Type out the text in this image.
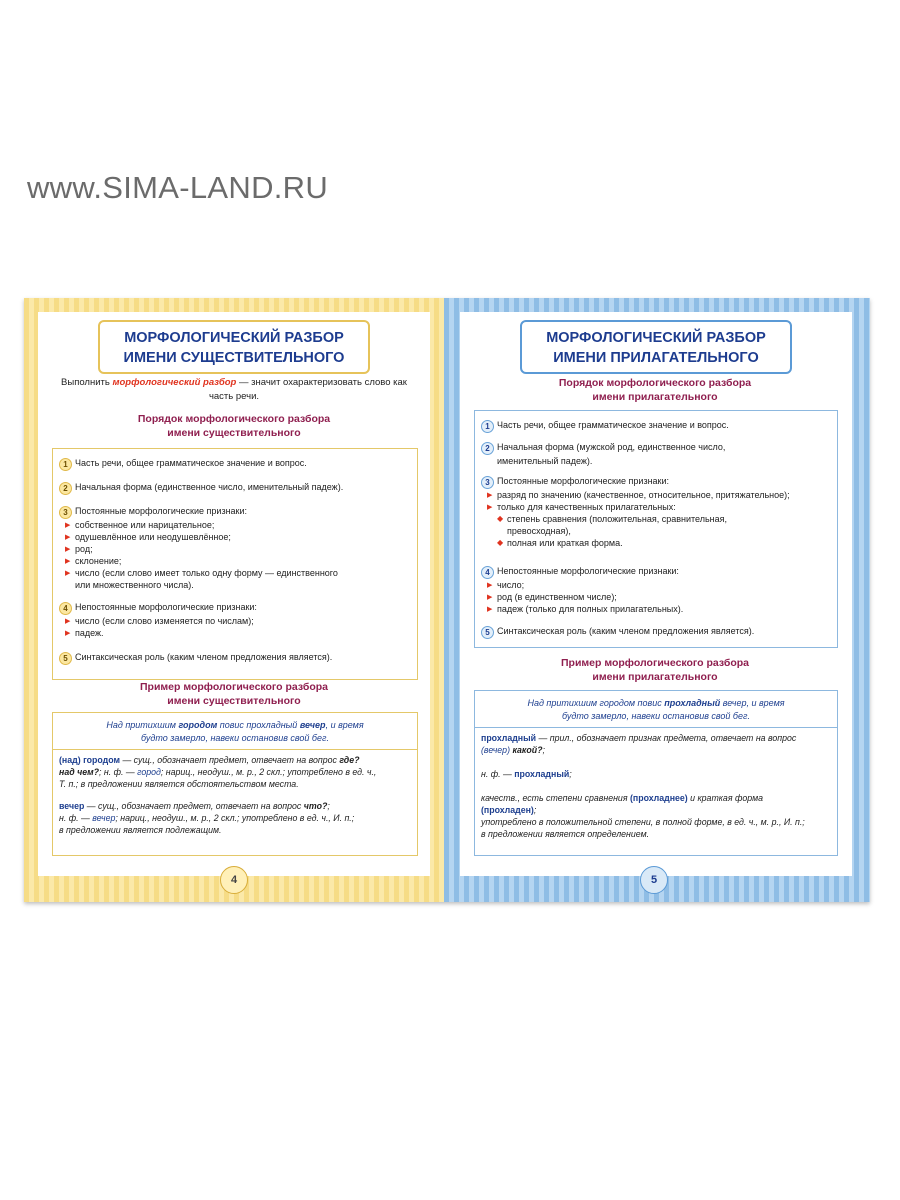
www.SIMA-LAND.RU
МОРФОЛОГИЧЕСКИЙ РАЗБОР
ИМЕНИ СУЩЕСТВИТЕЛЬНОГО
Выполнить морфологический разбор — значит охарактеризовать слово как часть речи.
Порядок морфологического разбора
имени существительного
1 Часть речи, общее грамматическое значение и вопрос.
2 Начальная форма (единственное число, именительный падеж).
3 Постоянные морфологические признаки:
▶ собственное или нарицательное;
▶ одушевлённое или неодушевлённое;
▶ род;
▶ склонение;
▶ число (если слово имеет только одну форму — единственного
или множественного числа).
4 Непостоянные морфологические признаки:
▶ число (если слово изменяется по числам);
▶ падеж.
5 Синтаксическая роль (каким членом предложения является).
Пример морфологического разбора
имени существительного
Над притихшим городом повис прохладный вечер, и время
будто замерло, навеки остановив свой бег.
(над) городом — сущ., обозначает предмет, отвечает на вопрос где?
над чем?; н. ф. — город; нариц., неодуш., м. р., 2 скл.; употреблено в ед. ч.,
Т. п.; в предложении является обстоятельством места.
вечер — сущ., обозначает предмет, отвечает на вопрос что?;
н. ф. — вечер; нариц., неодуш., м. р., 2 скл.; употреблено в ед. ч., И. п.;
в предложении является подлежащим.
4
МОРФОЛОГИЧЕСКИЙ РАЗБОР
ИМЕНИ ПРИЛАГАТЕЛЬНОГО
Порядок морфологического разбора
имени прилагательного
1 Часть речи, общее грамматическое значение и вопрос.
2 Начальная форма (мужской род, единственное число,
именительный падеж).
3 Постоянные морфологические признаки:
▶ разряд по значению (качественное, относительное, притяжательное);
▶ только для качественных прилагательных:
◆ степень сравнения (положительная, сравнительная,
превосходная),
◆ полная или краткая форма.
4 Непостоянные морфологические признаки:
▶ число;
▶ род (в единственном числе);
▶ падеж (только для полных прилагательных).
5 Синтаксическая роль (каким членом предложения является).
Пример морфологического разбора
имени прилагательного
Над притихшим городом повис прохладный вечер, и время
будто замерло, навеки остановив свой бег.
прохладный — прил., обозначает признак предмета, отвечает на вопрос
(вечер) какой?;

н. ф. — прохладный;

качеств., есть степени сравнения (прохладнее) и краткая форма
(прохладен);
употреблено в положительной степени, в полной форме, в ед. ч., м. р., И. п.;
в предложении является определением.
5
